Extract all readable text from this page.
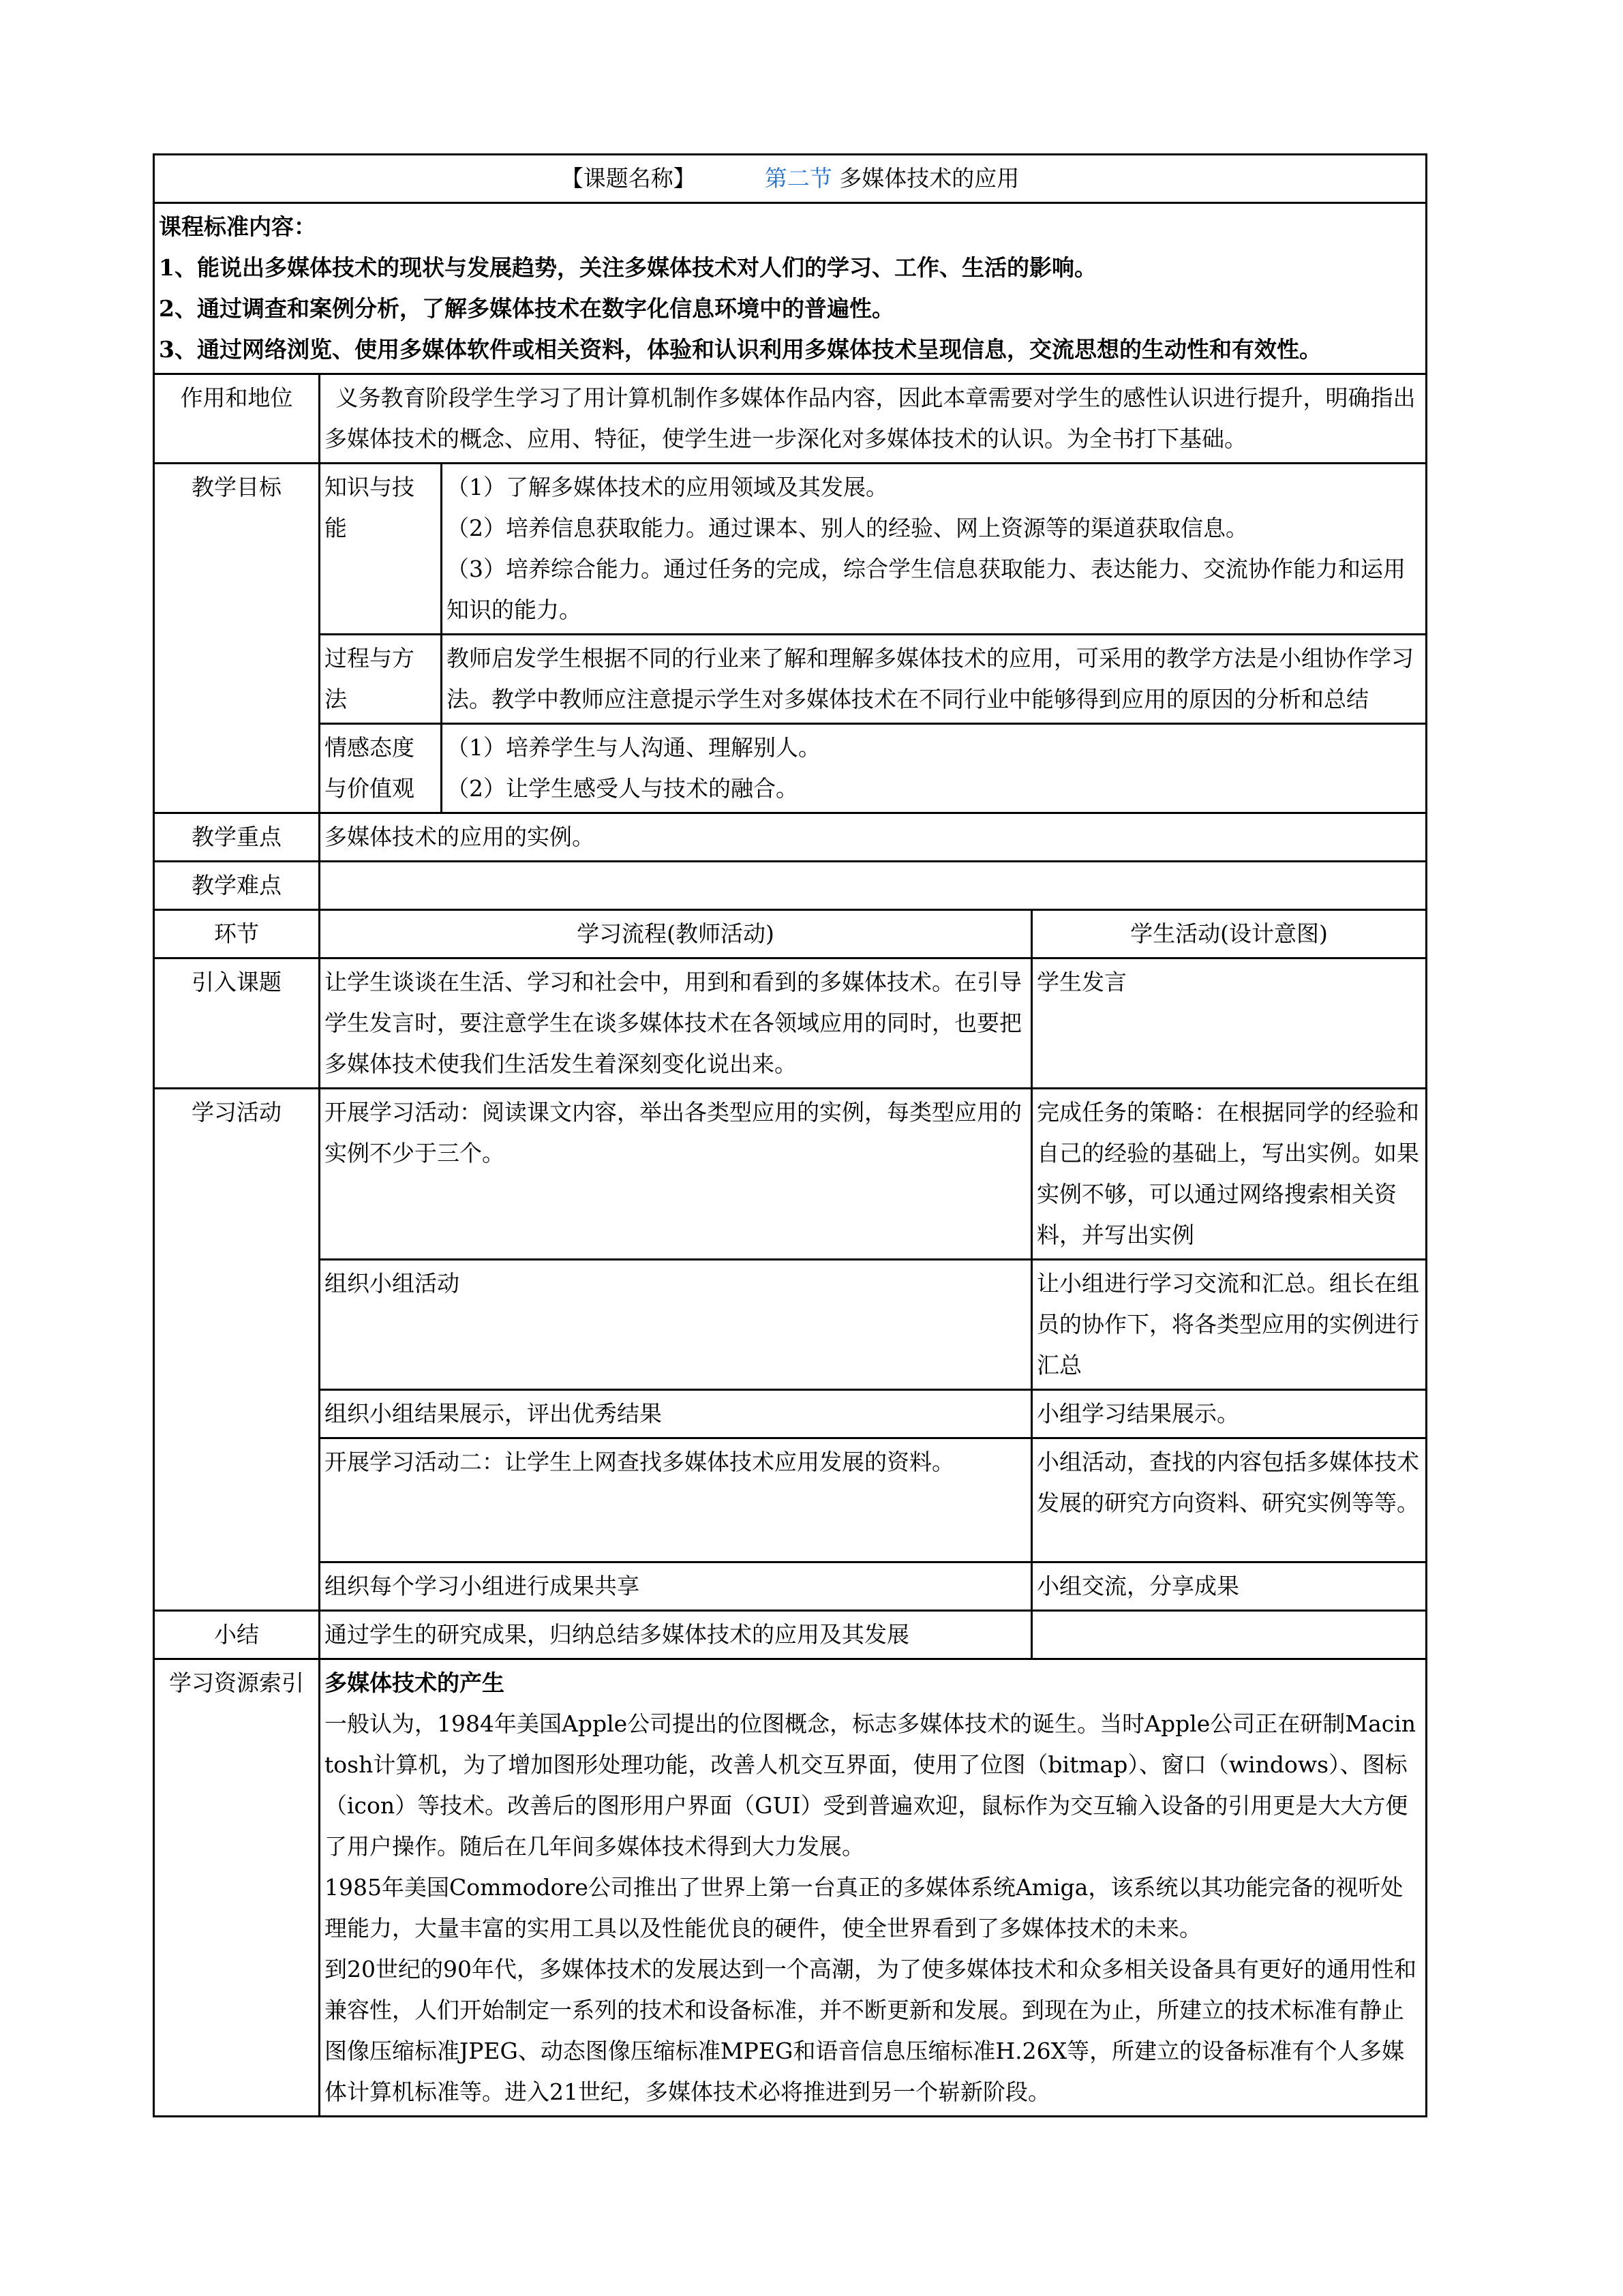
【课题名称】 第二节 多媒体技术的应用			

课程标准内容：
1、能说出多媒体技术的现状与发展趋势，关注多媒体技术对人们的学习、工作、生活的影响。
2、通过调查和案例分析，了解多媒体技术在数字化信息环境中的普遍性。
3、通过网络浏览、使用多媒体软件或相关资料，体验和认识利用多媒体技术呈现信息，交流思想的生动性和有效性。			

作用和地位	义务教育阶段学生学习了用计算机制作多媒体作品内容，因此本章需要对学生的感性认识进行提升，明确指出多媒体技术的概念、应用、特征，使学生进一步深化对多媒体技术的认识。为全书打下基础。		
教学目标	知识与技能	（1）了解多媒体技术的应用领域及其发展。
（2）培养信息获取能力。通过课本、别人的经验、网上资源等的渠道获取信息。
（3）培养综合能力。通过任务的完成，综合学生信息获取能力、表达能力、交流协作能力和运用知识的能力。	

	过程与方法	教师启发学生根据不同的行业来了解和理解多媒体技术的应用，可采用的教学方法是小组协作学习法。教学中教师应注意提示学生对多媒体技术在不同行业中能够得到应用的原因的分析和总结	

	情感态度与价值观	（1）培养学生与人沟通、理解别人。
（2）让学生感受人与技术的融合。	

教学重点	多媒体技术的应用的实例。		
教学难点			
环节	学习流程(教师活动)		学生活动(设计意图)
引入课题	让学生谈谈在生活、学习和社会中，用到和看到的多媒体技术。在引导学生发言时，要注意学生在谈多媒体技术在各领域应用的同时，也要把多媒体技术使我们生活发生着深刻变化说出来。		学生发言
学习活动	开展学习活动：阅读课文内容，举出各类型应用的实例，每类型应用的实例不少于三个。		完成任务的策略：在根据同学的经验和自己的经验的基础上，写出实例。如果实例不够，可以通过网络搜索相关资料，并写出实例
	组织小组活动		让小组进行学习交流和汇总。组长在组员的协作下，将各类型应用的实例进行汇总
	组织小组结果展示，评出优秀结果		小组学习结果展示。
	开展学习活动二：让学生上网查找多媒体技术应用发展的资料。		小组活动，查找的内容包括多媒体技术发展的研究方向资料、研究实例等等。
	组织每个学习小组进行成果共享		小组交流，分享成果
小结	通过学生的研究成果，归纳总结多媒体技术的应用及其发展		
学习资源索引	多媒体技术的产生
一般认为，1984年美国Apple公司提出的位图概念，标志多媒体技术的诞生。当时Apple公司正在研制Macintosh计算机，为了增加图形处理功能，改善人机交互界面，使用了位图（bitmap）、窗口（windows）、图标（icon）等技术。改善后的图形用户界面（GUI）受到普遍欢迎，鼠标作为交互输入设备的引用更是大大方便了用户操作。随后在几年间多媒体技术得到大力发展。
1985年美国Commodore公司推出了世界上第一台真正的多媒体系统Amiga，该系统以其功能完备的视听处理能力，大量丰富的实用工具以及性能优良的硬件，使全世界看到了多媒体技术的未来。
到20世纪的90年代，多媒体技术的发展达到一个高潮，为了使多媒体技术和众多相关设备具有更好的通用性和兼容性，人们开始制定一系列的技术和设备标准，并不断更新和发展。到现在为止，所建立的技术标准有静止图像压缩标准JPEG、动态图像压缩标准MPEG和语音信息压缩标准H.26X等，所建立的设备标准有个人多媒体计算机标准等。进入21世纪，多媒体技术必将推进到另一个崭新阶段。		
